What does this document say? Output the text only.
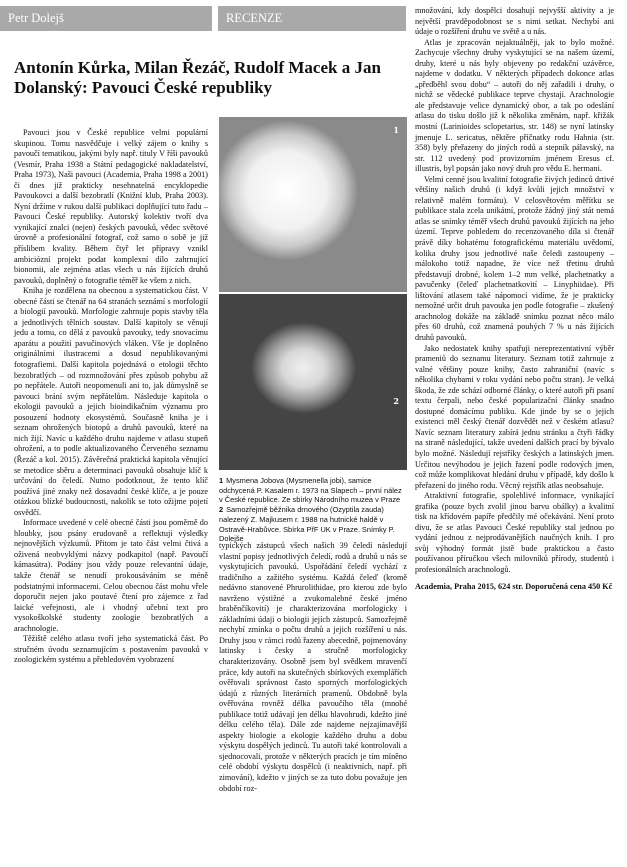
Petr Dolejš	RECENZE
Antonín Kůrka, Milan Řezáč, Rudolf Macek a Jan Dolanský: Pavouci České republiky

Pavouci jsou v České republice velmi populární skupinou. Tomu nasvědčuje i velký zájem o knihy s pavoučí tematikou, jakými byly např. tituly V říši pavouků (Vesmír, Praha 1938 a Státní pedagogické nakladatelství, Praha 1973), Naši pavouci (Academia, Praha 1998 a 2001) či dnes již prakticky nesehnatelná encyklopedie Pavoukovci a další bezobratlí (Knižní klub, Praha 2003). Nyní držíme v rukou další publikaci doplňující tuto řadu – Pavouci České republiky. Autorský kolektiv tvoří dva vynikající znalci (nejen) českých pavouků, vědec světové úrovně a profesionální fotograf, což samo o sobě je již příslibem kvality. Během čtyř let přípravy vznikl ambiciózní projekt podat komplexní dílo zahrnující bionomii, ale zejména atlas všech u nás žijících druhů pavouků, doplněný o fotografie téměř ke všem z nich.

Kniha je rozdělena na obecnou a systematickou část. V obecné části se čtenář na 64 stranách seznámí s morfologií a biologií pavouků. Morfologie zahrnuje popis stavby těla a jednotlivých tělních soustav. Další kapitoly se věnují jedu a tomu, co dělá z pavouků pavouky, tedy snovacímu aparátu a použití pavučinových vláken. Vše je doplněno originálními ilustracemi a dosud nepublikovanými fotografiemi. Další kapitola pojednává o etologii těchto bezobratlých – od rozmnožování přes způsob pohybu až po nepřátele. Autoři neopomenuli ani to, jak důmyslně se pavouci brání svým nepřátelům. Následuje kapitola o ekologii pavouků a jejich bioindikačním významu pro posouzení hodnoty ekosystémů. Současně kniha je i seznam ohrožených biotopů a druhů pavouků, které na nich žijí. Navíc u každého druhu najdeme v atlasu stupeň ohrožení, a to podle aktualizovaného Červeného seznamu (Řezáč a kol. 2015). Závěrečná praktická kapitola věnující se metodice sběru a determinaci pavouků obsahuje klíč k určování do čeledí. Nutno podotknout, že tento klíč používá jiné znaky než dosavadní české klíče, a je pouze otázkou blízké budoucnosti, nakolik se toto ožijme pojetí osvědčí.

Informace uvedené v celé obecné části jsou poměrně do hloubky, jsou psány erudovaně a reflektují výsledky nejnovějších výzkumů. Přitom je tato část velmi čtivá a oživená neobvyklými názvy podkapitol (např. Pavoučí kámasútra). Podány jsou vždy pouze relevantní údaje, takže čtenář se nenudí prokousáváním se méně podstatnými informacemi. Celou obecnou část mohu vřele doporučit nejen jako poutavé čtení pro zájemce z řad laické veřejnosti, ale i vhodný učební text pro vysokoškolské studenty zoologie bezobratlých a arachnologie.

Těžiště celého atlasu tvoří jeho systematická část. Po stručném úvodu seznamujícím s postavením pavouků v zoologickém systému a přehledovém vyobrazení

1
2

1 Mysmena Jobova (Mysmenella jobi), samice odchycená P. Kasalem r. 1973 na Slapech – první nález v České republice. Ze sbírky Národního muzea v Praze

2 Samozřejmě běžnika drnového (Ozyptila zauda) nalezený Z. Majkusem r. 1988 na hutnické haldě v Ostravě-Hrabůvce. Sbírka PřF UK v Praze. Snímky P. Dolejše

typických zástupců všech našich 39 čeledí následují vlastní popisy jednotlivých čeledí, rodů a druhů u nás se vyskytujících pavouků. Uspořádání čeledí vychází z tradičního a zažitého systému. Každá čeleď (kromě nedávno stanovené Phrurolithidae, pro kterou zde bylo navrženo výstižné a zvukomalebné české jméno braběnčíkovití) je charakterizována morfologicky i základními údaji o biologii jejích zástupců. Samozřejmě nechybí zmínka o počtu druhů a jejich rozšíření u nás. Druhy jsou v rámci rodů řazeny abecedně, pojmenovány latinsky i česky a stručně morfologicky charakterizovány. Osobně jsem byl svědkem mravenčí práce, kdy autoři na skutečných sbírkových exemplářích ověřovali správnost často sporných morfologických údajů z různých literárních pramenů. Obdobně byla ověřována rovněž délka pavoučího těla (mnohé publikace totiž udávají jen délku hlavohrudi, kdežto jiné délku celého těla). Dále zde najdeme nejzajímavější aspekty biologie a ekologie každého druhu a dobu výskytu dospělých jedinců. Tu autoři také kontrolovali a sjednocovali, protože v některých pracích je tím míněno celé období výskytu dospělců (i neaktivních, např. při zimování), kdežto v jiných se za tuto dobu považuje jen období roz-

množování, kdy dospělci dosahují nejvyšší aktivity a je největší pravděpodobnost se s nimi setkat. Nechybí ani údaje o rozšíření druhu ve světě a u nás.

Atlas je zpracován nejaktuálněji, jak to bylo možné. Zachycuje všechny druhy vyskytující se na našem území, druhy, které u nás byly objeveny po redakční uzávěrce, najdeme v dodatku. V některých případech dokonce atlas „předběhl svou dobu“ – autoři do něj zařadili i druhy, o nichž se vědecké publikace teprve chystají. Arachnologie ale představuje velice dynamický obor, a tak po odeslání atlasu do tisku došlo již k několika změnám, např. křižák mostní (Larinioides sclopetarius, str. 148) se nyní latinsky jmenuje L. sericatus, něktěre příčnatky rodu Hahnia (str. 358) byly přeřazeny do jiných rodů a stepník pálavský, na str. 112 uvedený pod provizorním jménem Eresus cf. illustris, byl popsán jako nový druh pro vědu E. hermani.

Velmi cenné jsou kvalitní fotografie živých jedinců drtivé většiny našich druhů (i když kvůli jejich množství v relativně malém formátu). V celosvětovém měřítku se publikace stala zcela unikátní, protože žádný jiný stát nemá atlas se snímky téměř všech druhů pavouků žijících na jeho území. Teprve pohledem do recenzovaného díla si čtenář právě díky bohatému fotografickému materiálu uvědomí, kolika druhy jsou jednotlivé naše čeledi zastoupeny – málokoho totiž napadne, že více než třetinu druhů představují drobné, kolem 1–2 mm velké, plachetnatky a pavučenky (čeleď plachetnatkovití – Linyphiidae). Při lištování atlasem také nápomocí vidíme, že je prakticky nemožné určit druh pavouka jen podle fotografie – zkušený arachnolog dokáže na základě snímku poznat něco málo přes 60 druhů, což znamená pouhých 7 % u nás žijících druhů pavouků.

Jako nedostatek knihy spatřuji nereprezentativní výběr prameniů do seznamu literatury. Seznam totiž zahrnuje z valné většiny pouze knihy, často zahraniční (navíc s několika chybami v roku vydání nebo počtu stran). Je velká škoda, že zde schází odborné články, o které autoři při psaní textu čerpali, nebo české popularizační články snadno dostupné domácímu publiku. Kde jinde by se o jejich existenci měl český čtenář dozvědět než v českém atlasu? Navíc seznam literatury zabírá jednu stránku a čtyři řádky na straně následující, takže uvedení dalších prací by bývalo bylo možné. Následují rejstříky českých a latinských jmen. Určitou nevýhodou je jejich řazení podle rodových jmen, což může komplikovat hledání druhu v případě, kdy došlo k přeřazení do jiného rodu. Věcný rejstřík atlas neobsahuje.

Atraktivní fotografie, spolehlivé informace, vynikající grafika (pouze bych zvolil jinou barvu obálky) a kvalitní tisk na křídovém papíře předčily mé očekávání. Není proto divu, že se atlas Pavouci České republiky stal jednou po vydání jednou z nejprodávanějších naučných knih. I pro svůj výhodný formát jistě bude praktickou a často používanou příručkou všech milovníků přírody, studentů i profesionálních arachnologů.

Academia, Praha 2015, 624 str. Doporučená cena 450 Kč
